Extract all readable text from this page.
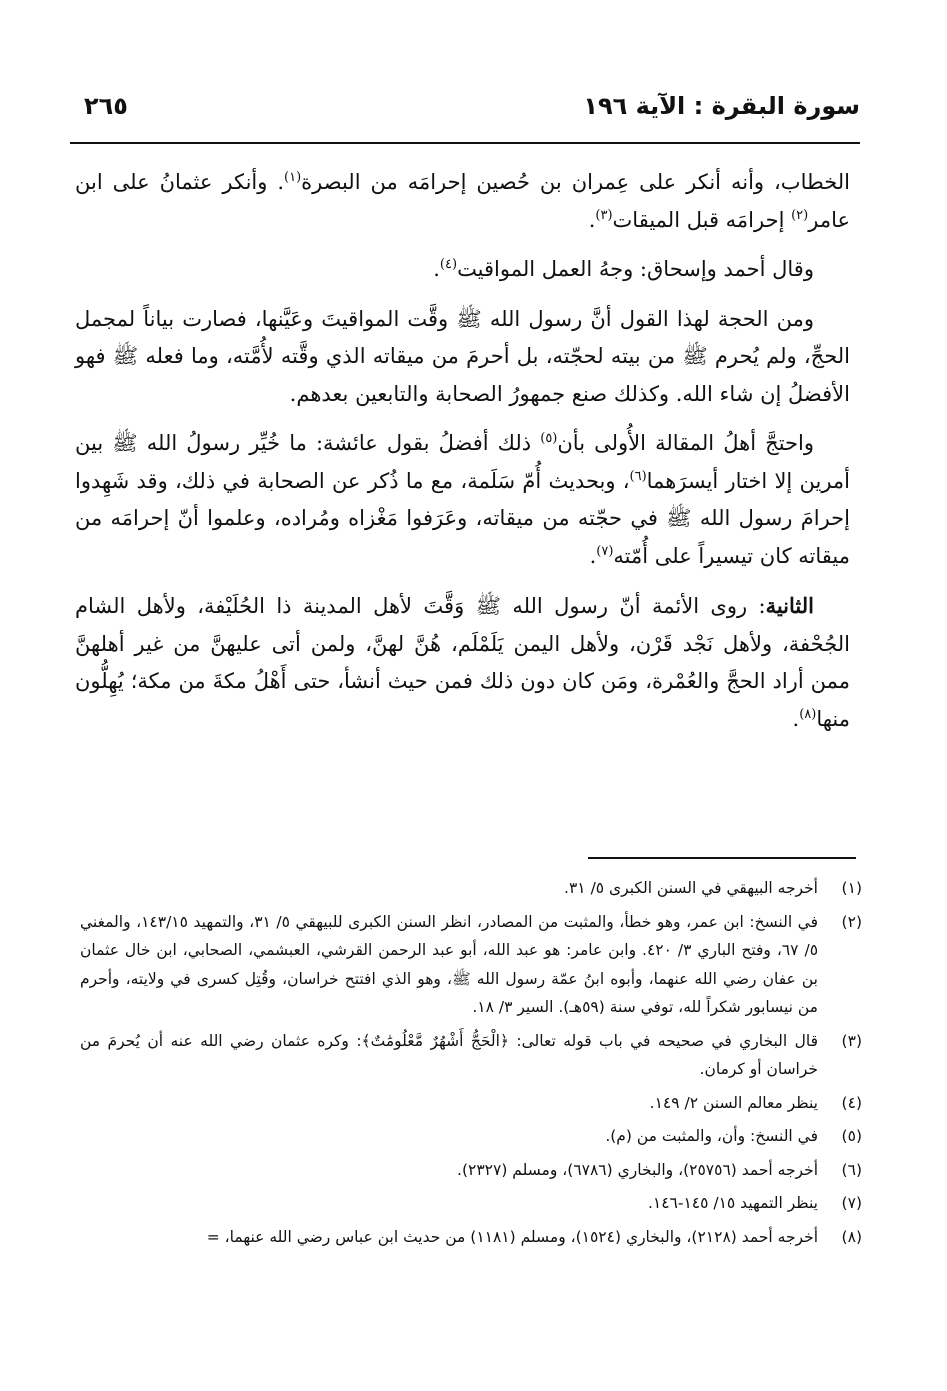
سورة البقرة : الآية ١٩٦
٢٦٥

الخطاب، وأنه أنكر على عِمران بن حُصين إحرامَه من البصرة$^{(١)}$. وأنكر عثمانُ على ابن عامر$^{(٢)}$ إحرامَه قبل الميقات$^{(٣)}$.

وقال أحمد وإسحاق: وجهُ العمل المواقيت$^{(٤)}$.

ومن الحجة لهذا القول أنَّ رسول الله ﷺ وقَّت المواقيتَ وعَيَّنها، فصارت بياناً لمجمل الحجِّ، ولم يُحرم ﷺ من بيته لحجّته، بل أحرمَ من ميقاته الذي وقَّته لأُمَّته، وما فعله ﷺ فهو الأفضلُ إن شاء الله. وكذلك صنع جمهورُ الصحابة والتابعين بعدهم.

واحتجَّ أهلُ المقالة الأُولى بأن$^{(٥)}$ ذلك أفضلُ بقول عائشة: ما خُيِّر رسولُ الله ﷺ بين أمرين إلا اختار أيسرَهما$^{(٦)}$، وبحديث أُمّ سَلَمة، مع ما ذُكر عن الصحابة في ذلك، وقد شَهِدوا إحرامَ رسول الله ﷺ في حجّته من ميقاته، وعَرَفوا مَغْزاه ومُراده، وعلموا أنّ إحرامَه من ميقاته كان تيسيراً على أُمّته$^{(٧)}$.

الثانية: روى الأئمة أنّ رسول الله ﷺ وَقَّتَ لأهل المدينة ذا الحُلَيْفة، ولأهل الشام الجُحْفة، ولأهل نَجْد قَرْن، ولأهل اليمن يَلَمْلَم، هُنَّ لهنَّ، ولمن أتى عليهنَّ من غير أهلهنَّ ممن أراد الحجَّ والعُمْرة، ومَن كان دون ذلك فمن حيث أنشأ، حتى أَهْلُ مكةَ من مكة؛ يُهِلُّون منها$^{(٨)}$.

(١)
أخرجه البيهقي في السنن الكبرى ٥/ ٣١.
(٢)
في النسخ: ابن عمر، وهو خطأ، والمثبت من المصادر، انظر السنن الكبرى للبيهقي ٥/ ٣١، والتمهيد ١٤٣/١٥، والمغني ٥/ ٦٧، وفتح الباري ٣/ ٤٢٠. وابن عامر: هو عبد الله، أبو عبد الرحمن القرشي، العبشمي، الصحابي، ابن خال عثمان بن عفان رضي الله عنهما، وأبوه ابنُ عمّة رسول الله ﷺ، وهو الذي افتتح خراسان، وقُتِل كسرى في ولايته، وأحرم من نيسابور شكراً لله، توفي سنة (٥٩هـ). السير ٣/ ١٨.
(٣)
قال البخاري في صحيحه في باب قوله تعالى: ﴿الْحَجُّ أَشْهُرٌ مَّعْلُومَٰتٌ﴾: وكره عثمان رضي الله عنه أن يُحرمَ من خراسان أو كرمان.
(٤)
ينظر معالم السنن ٢/ ١٤٩.
(٥)
في النسخ: وأن، والمثبت من (م).
(٦)
أخرجه أحمد (٢٥٧٥٦)، والبخاري (٦٧٨٦)، ومسلم (٢٣٢٧).
(٧)
ينظر التمهيد ١٥/ ١٤٥-١٤٦.
(٨)
أخرجه أحمد (٢١٢٨)، والبخاري (١٥٢٤)، ومسلم (١١٨١) من حديث ابن عباس رضي الله عنهما، =
